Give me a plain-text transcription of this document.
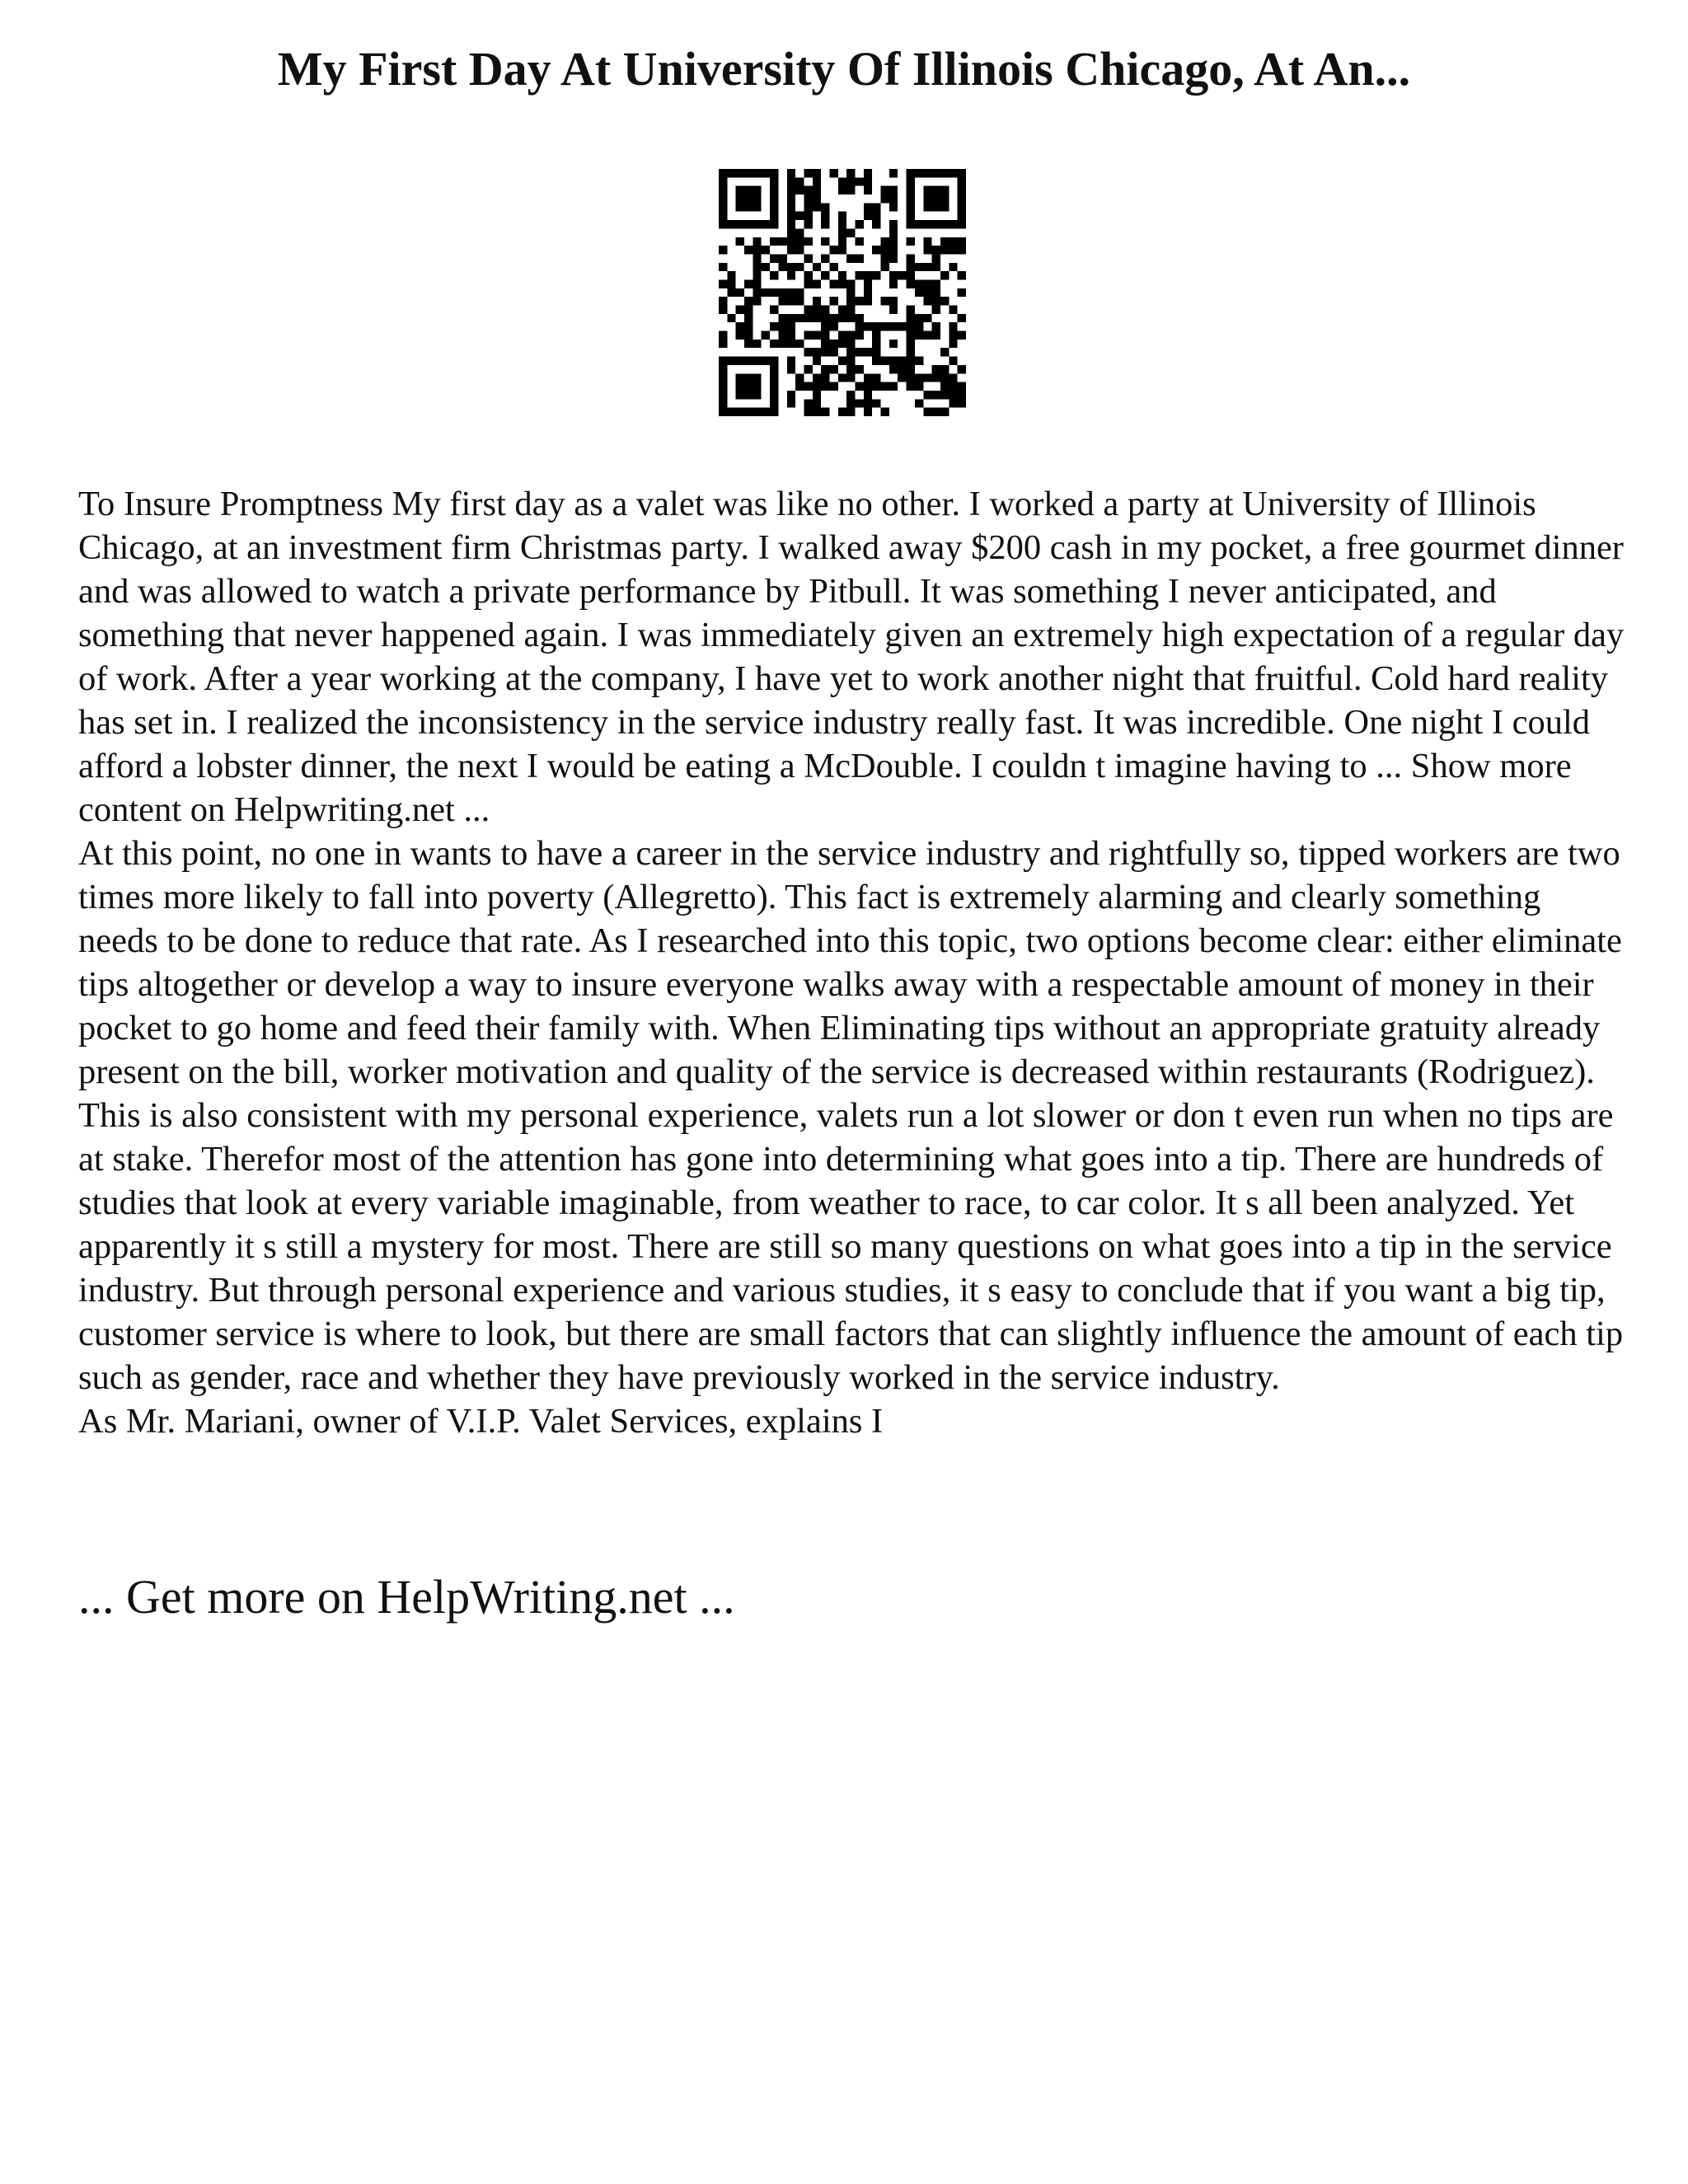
My First Day At University Of Illinois Chicago, At An...

To Insure Promptness My first day as a valet was like no other. I worked a party at University of Illinois Chicago, at an investment firm Christmas party. I walked away $200 cash in my pocket, a free gourmet dinner and was allowed to watch a private performance by Pitbull. It was something I never anticipated, and something that never happened again. I was immediately given an extremely high expectation of a regular day of work. After a year working at the company, I have yet to work another night that fruitful. Cold hard reality has set in. I realized the inconsistency in the service industry really fast. It was incredible. One night I could afford a lobster dinner, the next I would be eating a McDouble. I couldn t imagine having to ... Show more content on Helpwriting.net ...

At this point, no one in wants to have a career in the service industry and rightfully so, tipped workers are two times more likely to fall into poverty (Allegretto). This fact is extremely alarming and clearly something needs to be done to reduce that rate. As I researched into this topic, two options become clear: either eliminate tips altogether or develop a way to insure everyone walks away with a respectable amount of money in their pocket to go home and feed their family with. When Eliminating tips without an appropriate gratuity already present on the bill, worker motivation and quality of the service is decreased within restaurants (Rodriguez). This is also consistent with my personal experience, valets run a lot slower or don t even run when no tips are at stake. Therefor most of the attention has gone into determining what goes into a tip. There are hundreds of studies that look at every variable imaginable, from weather to race, to car color. It s all been analyzed. Yet apparently it s still a mystery for most. There are still so many questions on what goes into a tip in the service industry. But through personal experience and various studies, it s easy to conclude that if you want a big tip, customer service is where to look, but there are small factors that can slightly influence the amount of each tip such as gender, race and whether they have previously worked in the service industry.

As Mr. Mariani, owner of V.I.P. Valet Services, explains I

... Get more on HelpWriting.net ...
